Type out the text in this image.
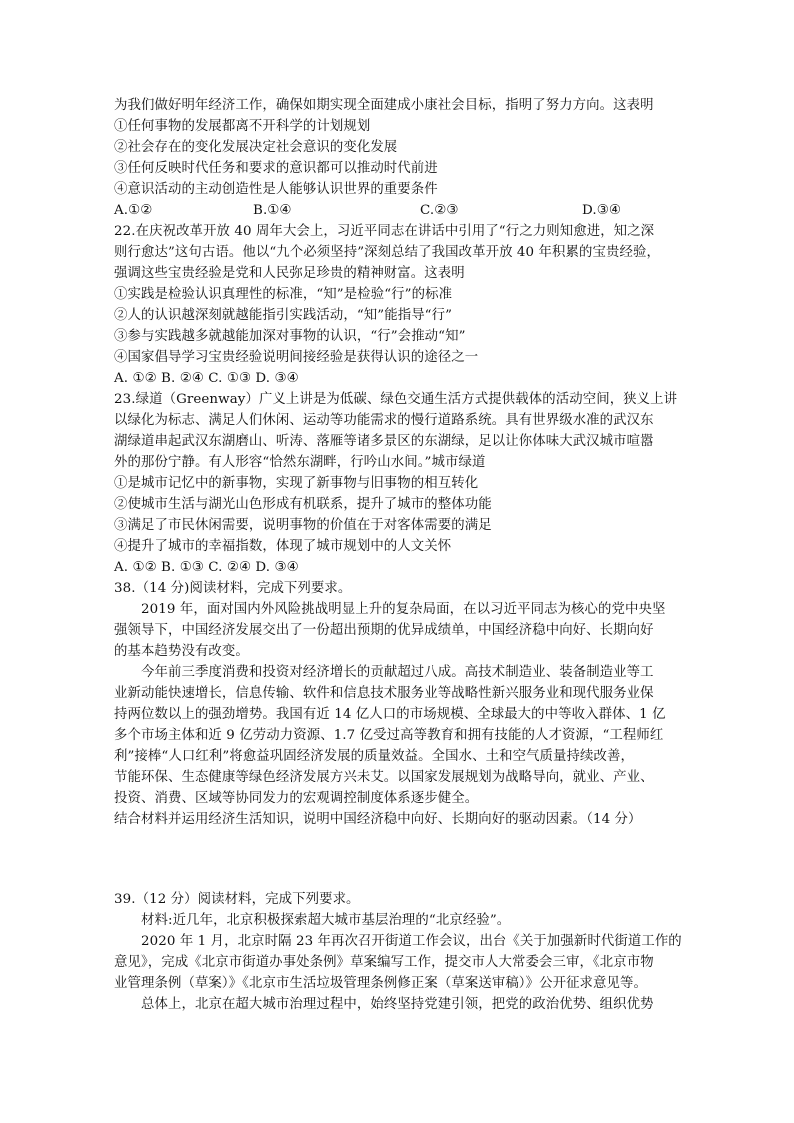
为我们做好明年经济工作，确保如期实现全面建成小康社会目标，指明了努力方向。这表明
①任何事物的发展都离不开科学的计划规划
②社会存在的变化发展决定社会意识的变化发展
③任何反映时代任务和要求的意识都可以推动时代前进
④意识活动的主动创造性是人能够认识世界的重要条件
A.①②	B.①④	C.②③	D.③④
22.在庆祝改革开放 40 周年大会上，习近平同志在讲话中引用了“行之力则知愈进，知之深
则行愈达”这句古语。他以“九个必须坚持”深刻总结了我国改革开放 40 年积累的宝贵经验，
强调这些宝贵经验是党和人民弥足珍贵的精神财富。这表明
①实践是检验认识真理性的标准，“知”是检验“行”的标准
②人的认识越深刻就越能指引实践活动，“知”能指导“行”
③参与实践越多就越能加深对事物的认识，“行”会推动“知”
④国家倡导学习宝贵经验说明间接经验是获得认识的途径之一
A. ①② B. ②④ C. ①③ D. ③④
23.绿道（Greenway）广义上讲是为低碳、绿色交通生活方式提供载体的活动空间，狭义上讲
以绿化为标志、满足人们休闲、运动等功能需求的慢行道路系统。具有世界级水准的武汉东
湖绿道串起武汉东湖磨山、听涛、落雁等诸多景区的东湖绿，足以让你体味大武汉城市喧嚣
外的那份宁静。有人形容“恰然东湖畔，行吟山水间。”城市绿道
①是城市记忆中的新事物，实现了新事物与旧事物的相互转化
②使城市生活与湖光山色形成有机联系，提升了城市的整体功能
③满足了市民休闲需要，说明事物的价值在于对客体需要的满足
④提升了城市的幸福指数，体现了城市规划中的人文关怀
A. ①② B. ①③ C. ②④ D. ③④
38.（14 分)阅读材料，完成下列要求。
2019 年，面对国内外风险挑战明显上升的复杂局面，在以习近平同志为核心的党中央坚
强领导下，中国经济发展交出了一份超出预期的优异成绩单，中国经济稳中向好、长期向好
的基本趋势没有改变。
今年前三季度消费和投资对经济增长的贡献超过八成。高技术制造业、装备制造业等工
业新动能快速增长，信息传输、软件和信息技术服务业等战略性新兴服务业和现代服务业保
持两位数以上的强劲增势。我国有近 14 亿人口的市场规模、全球最大的中等收入群体、1 亿
多个市场主体和近 9 亿劳动力资源、1.7 亿受过高等教育和拥有技能的人才资源，“工程师红
利”接棒“人口红利”将愈益巩固经济发展的质量效益。全国水、土和空气质量持续改善，
节能环保、生态健康等绿色经济发展方兴未艾。以国家发展规划为战略导向，就业、产业、
投资、消费、区域等协同发力的宏观调控制度体系逐步健全。
结合材料并运用经济生活知识，说明中国经济稳中向好、长期向好的驱动因素。（14 分）
39.（12 分）阅读材料，完成下列要求。
材料:近几年，北京积极探索超大城市基层治理的“北京经验”。
2020 年 1 月，北京时隔 23 年再次召开街道工作会议，出台《关于加强新时代街道工作的
意见》，完成《北京市街道办事处条例》草案编写工作，提交市人大常委会三审，《北京市物
业管理条例（草案）》《北京市生活垃圾管理条例修正案（草案送审稿）》公开征求意见等。
总体上，北京在超大城市治理过程中，始终坚持党建引领，把党的政治优势、组织优势
